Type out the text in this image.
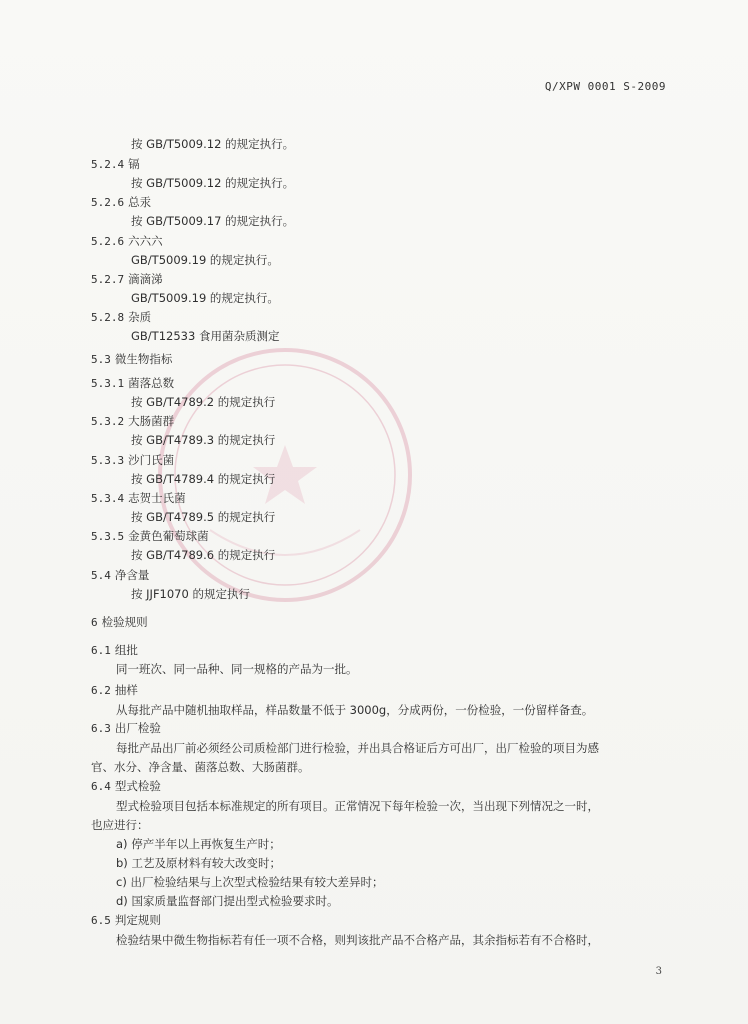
Q/XPW 0001 S-2009
按 GB/T5009.12 的规定执行。
5.2.4 镉
按 GB/T5009.12 的规定执行。
5.2.6 总汞
按 GB/T5009.17 的规定执行。
5.2.6 六六六
GB/T5009.19 的规定执行。
5.2.7 滴滴涕
GB/T5009.19 的规定执行。
5.2.8 杂质
GB/T12533 食用菌杂质测定
5.3 微生物指标
5.3.1 菌落总数
按 GB/T4789.2 的规定执行
5.3.2 大肠菌群
按 GB/T4789.3 的规定执行
5.3.3 沙门氏菌
按 GB/T4789.4 的规定执行
5.3.4 志贺士氏菌
按 GB/T4789.5 的规定执行
5.3.5 金黄色葡萄球菌
按 GB/T4789.6 的规定执行
5.4 净含量
按 JJF1070 的规定执行
6 检验规则
6.1 组批
同一班次、同一品种、同一规格的产品为一批。
6.2 抽样
从每批产品中随机抽取样品，样品数量不低于 3000g，分成两份，一份检验，一份留样备查。
6.3 出厂检验
每批产品出厂前必须经公司质检部门进行检验，并出具合格证后方可出厂，出厂检验的项目为感
官、水分、净含量、菌落总数、大肠菌群。
6.4 型式检验
型式检验项目包括本标准规定的所有项目。正常情况下每年检验一次，当出现下列情况之一时，
也应进行：
a) 停产半年以上再恢复生产时；
b) 工艺及原材料有较大改变时；
c) 出厂检验结果与上次型式检验结果有较大差异时；
d) 国家质量监督部门提出型式检验要求时。
6.5 判定规则
检验结果中微生物指标若有任一项不合格，则判该批产品不合格产品，其余指标若有不合格时，
3
